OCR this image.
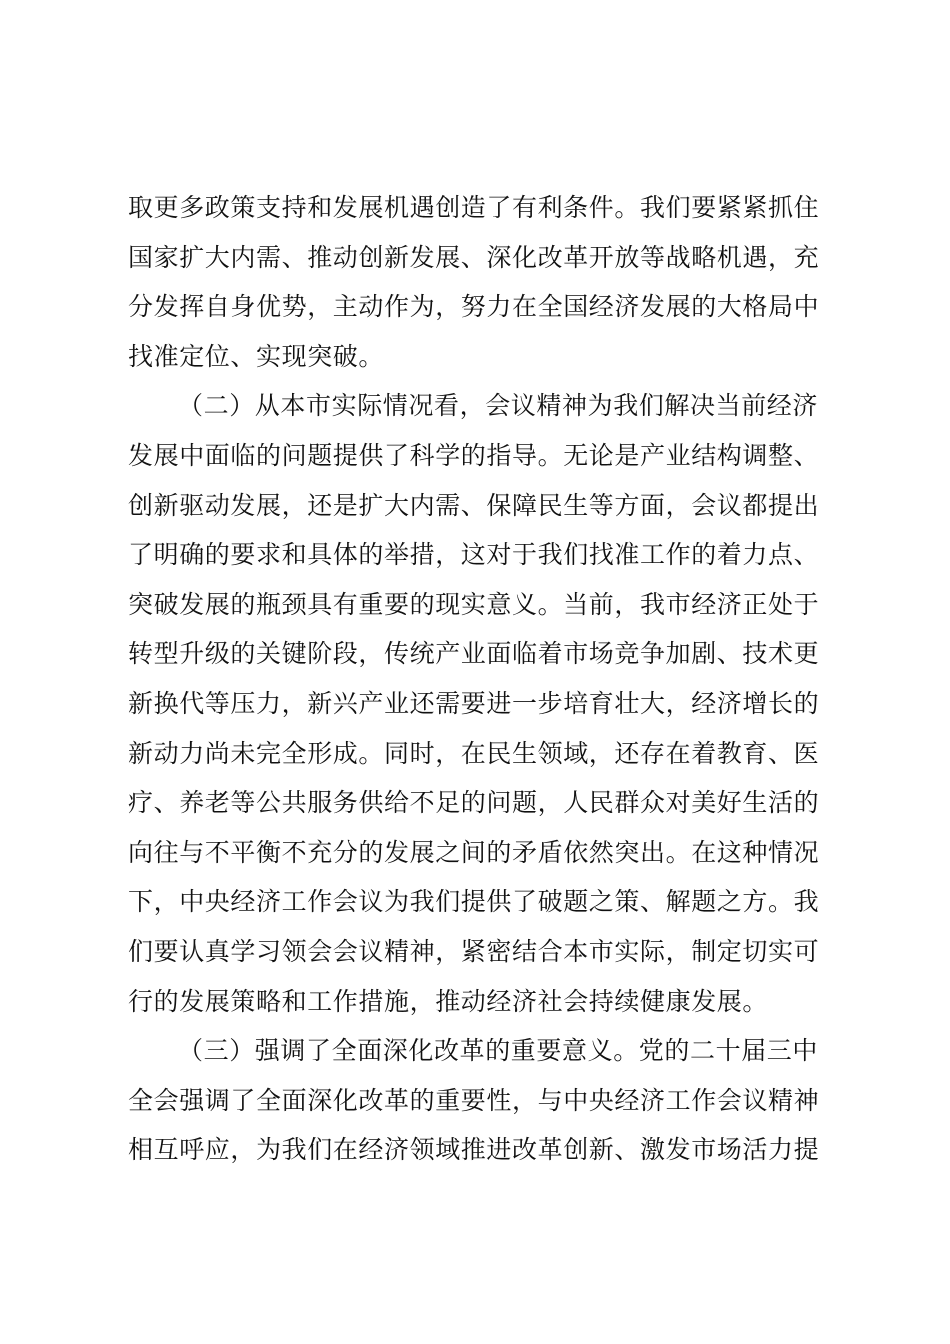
取更多政策支持和发展机遇创造了有利条件。我们要紧紧抓住
国家扩大内需、推动创新发展、深化改革开放等战略机遇，充
分发挥自身优势，主动作为，努力在全国经济发展的大格局中
找准定位、实现突破。
（二）从本市实际情况看，会议精神为我们解决当前经济
发展中面临的问题提供了科学的指导。无论是产业结构调整、
创新驱动发展，还是扩大内需、保障民生等方面，会议都提出
了明确的要求和具体的举措，这对于我们找准工作的着力点、
突破发展的瓶颈具有重要的现实意义。当前，我市经济正处于
转型升级的关键阶段，传统产业面临着市场竞争加剧、技术更
新换代等压力，新兴产业还需要进一步培育壮大，经济增长的
新动力尚未完全形成。同时，在民生领域，还存在着教育、医
疗、养老等公共服务供给不足的问题，人民群众对美好生活的
向往与不平衡不充分的发展之间的矛盾依然突出。在这种情况
下，中央经济工作会议为我们提供了破题之策、解题之方。我
们要认真学习领会会议精神，紧密结合本市实际，制定切实可
行的发展策略和工作措施，推动经济社会持续健康发展。
（三）强调了全面深化改革的重要意义。党的二十届三中
全会强调了全面深化改革的重要性，与中央经济工作会议精神
相互呼应，为我们在经济领域推进改革创新、激发市场活力提
